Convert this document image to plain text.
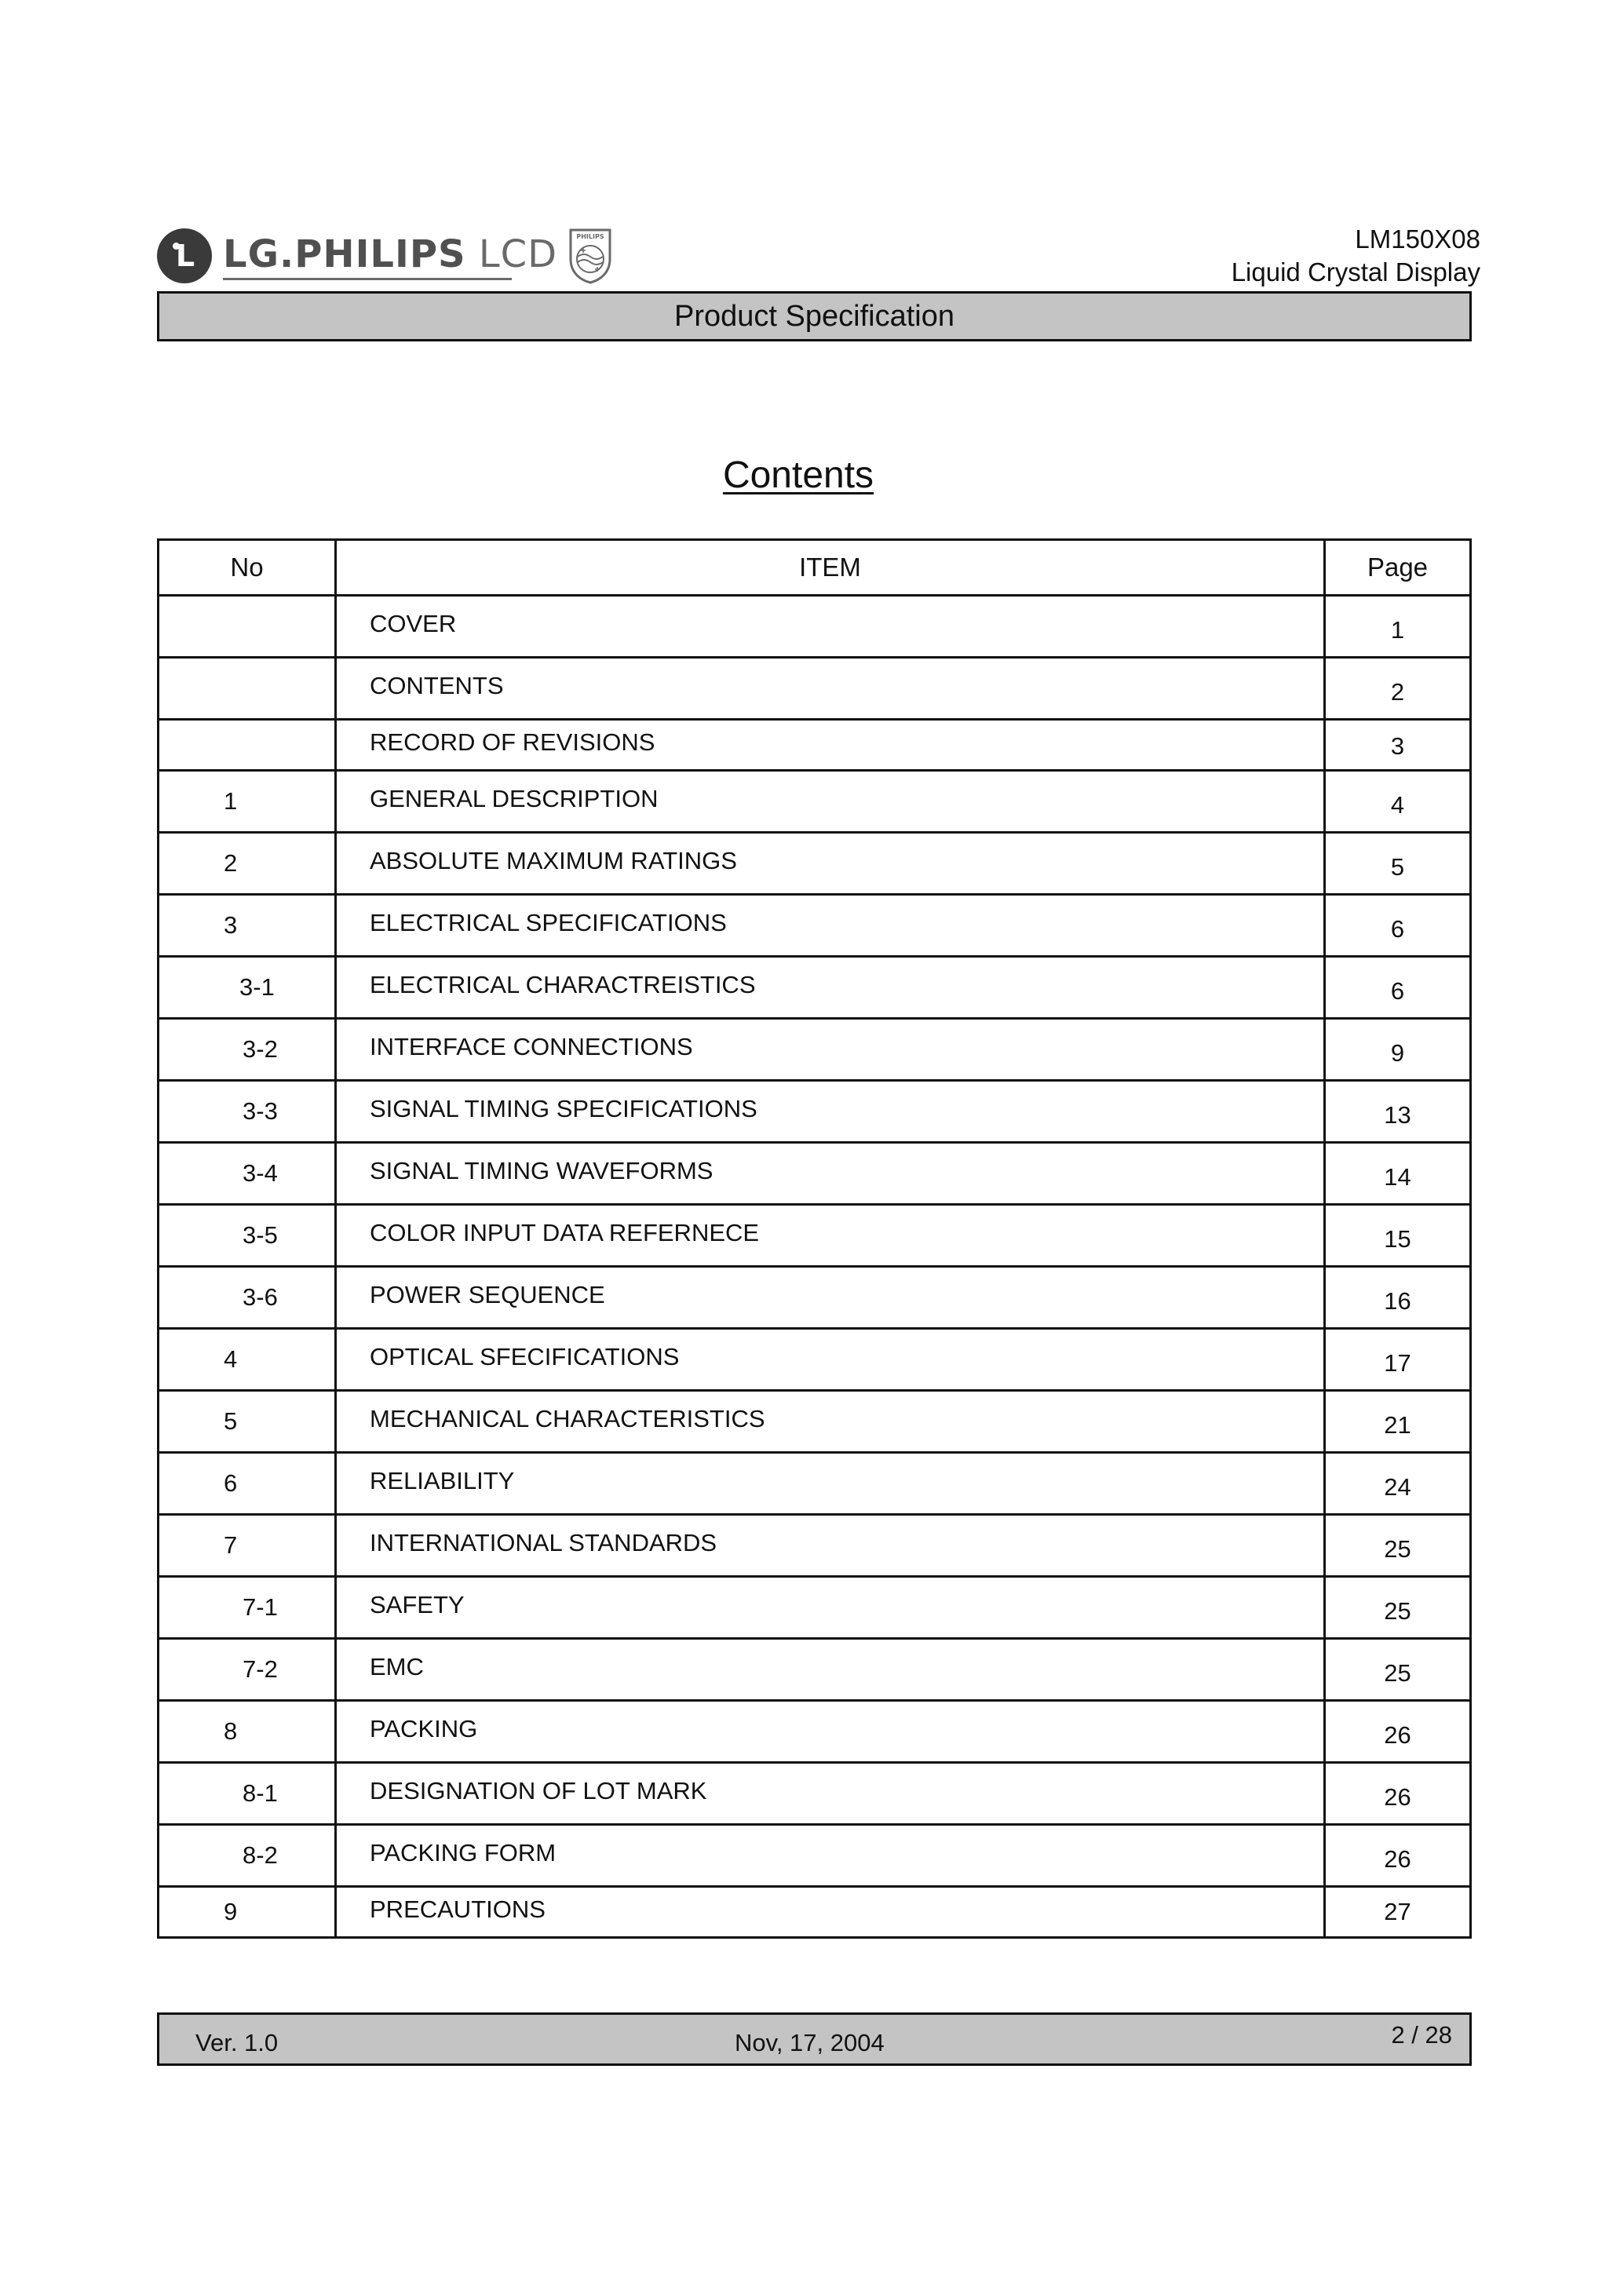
L LG.PHILIPS LCD	PHILIPS	LM150X08
Liquid Crystal Display
Product Specification
Contents
No	ITEM	Page
	COVER	1
	CONTENTS	2
	RECORD OF REVISIONS	3
1	GENERAL DESCRIPTION	4
2	ABSOLUTE MAXIMUM RATINGS	5
3	ELECTRICAL SPECIFICATIONS	6
3-1	ELECTRICAL CHARACTREISTICS	6
3-2	INTERFACE CONNECTIONS	9
3-3	SIGNAL TIMING SPECIFICATIONS	13
3-4	SIGNAL TIMING WAVEFORMS	14
3-5	COLOR INPUT DATA REFERNECE	15
3-6	POWER SEQUENCE	16
4	OPTICAL SFECIFICATIONS	17
5	MECHANICAL CHARACTERISTICS	21
6	RELIABILITY	24
7	INTERNATIONAL STANDARDS	25
7-1	SAFETY	25
7-2	EMC	25
8	PACKING	26
8-1	DESIGNATION OF LOT MARK	26
8-2	PACKING FORM	26
9	PRECAUTIONS	27
Ver. 1.0	Nov, 17, 2004	2 / 28
